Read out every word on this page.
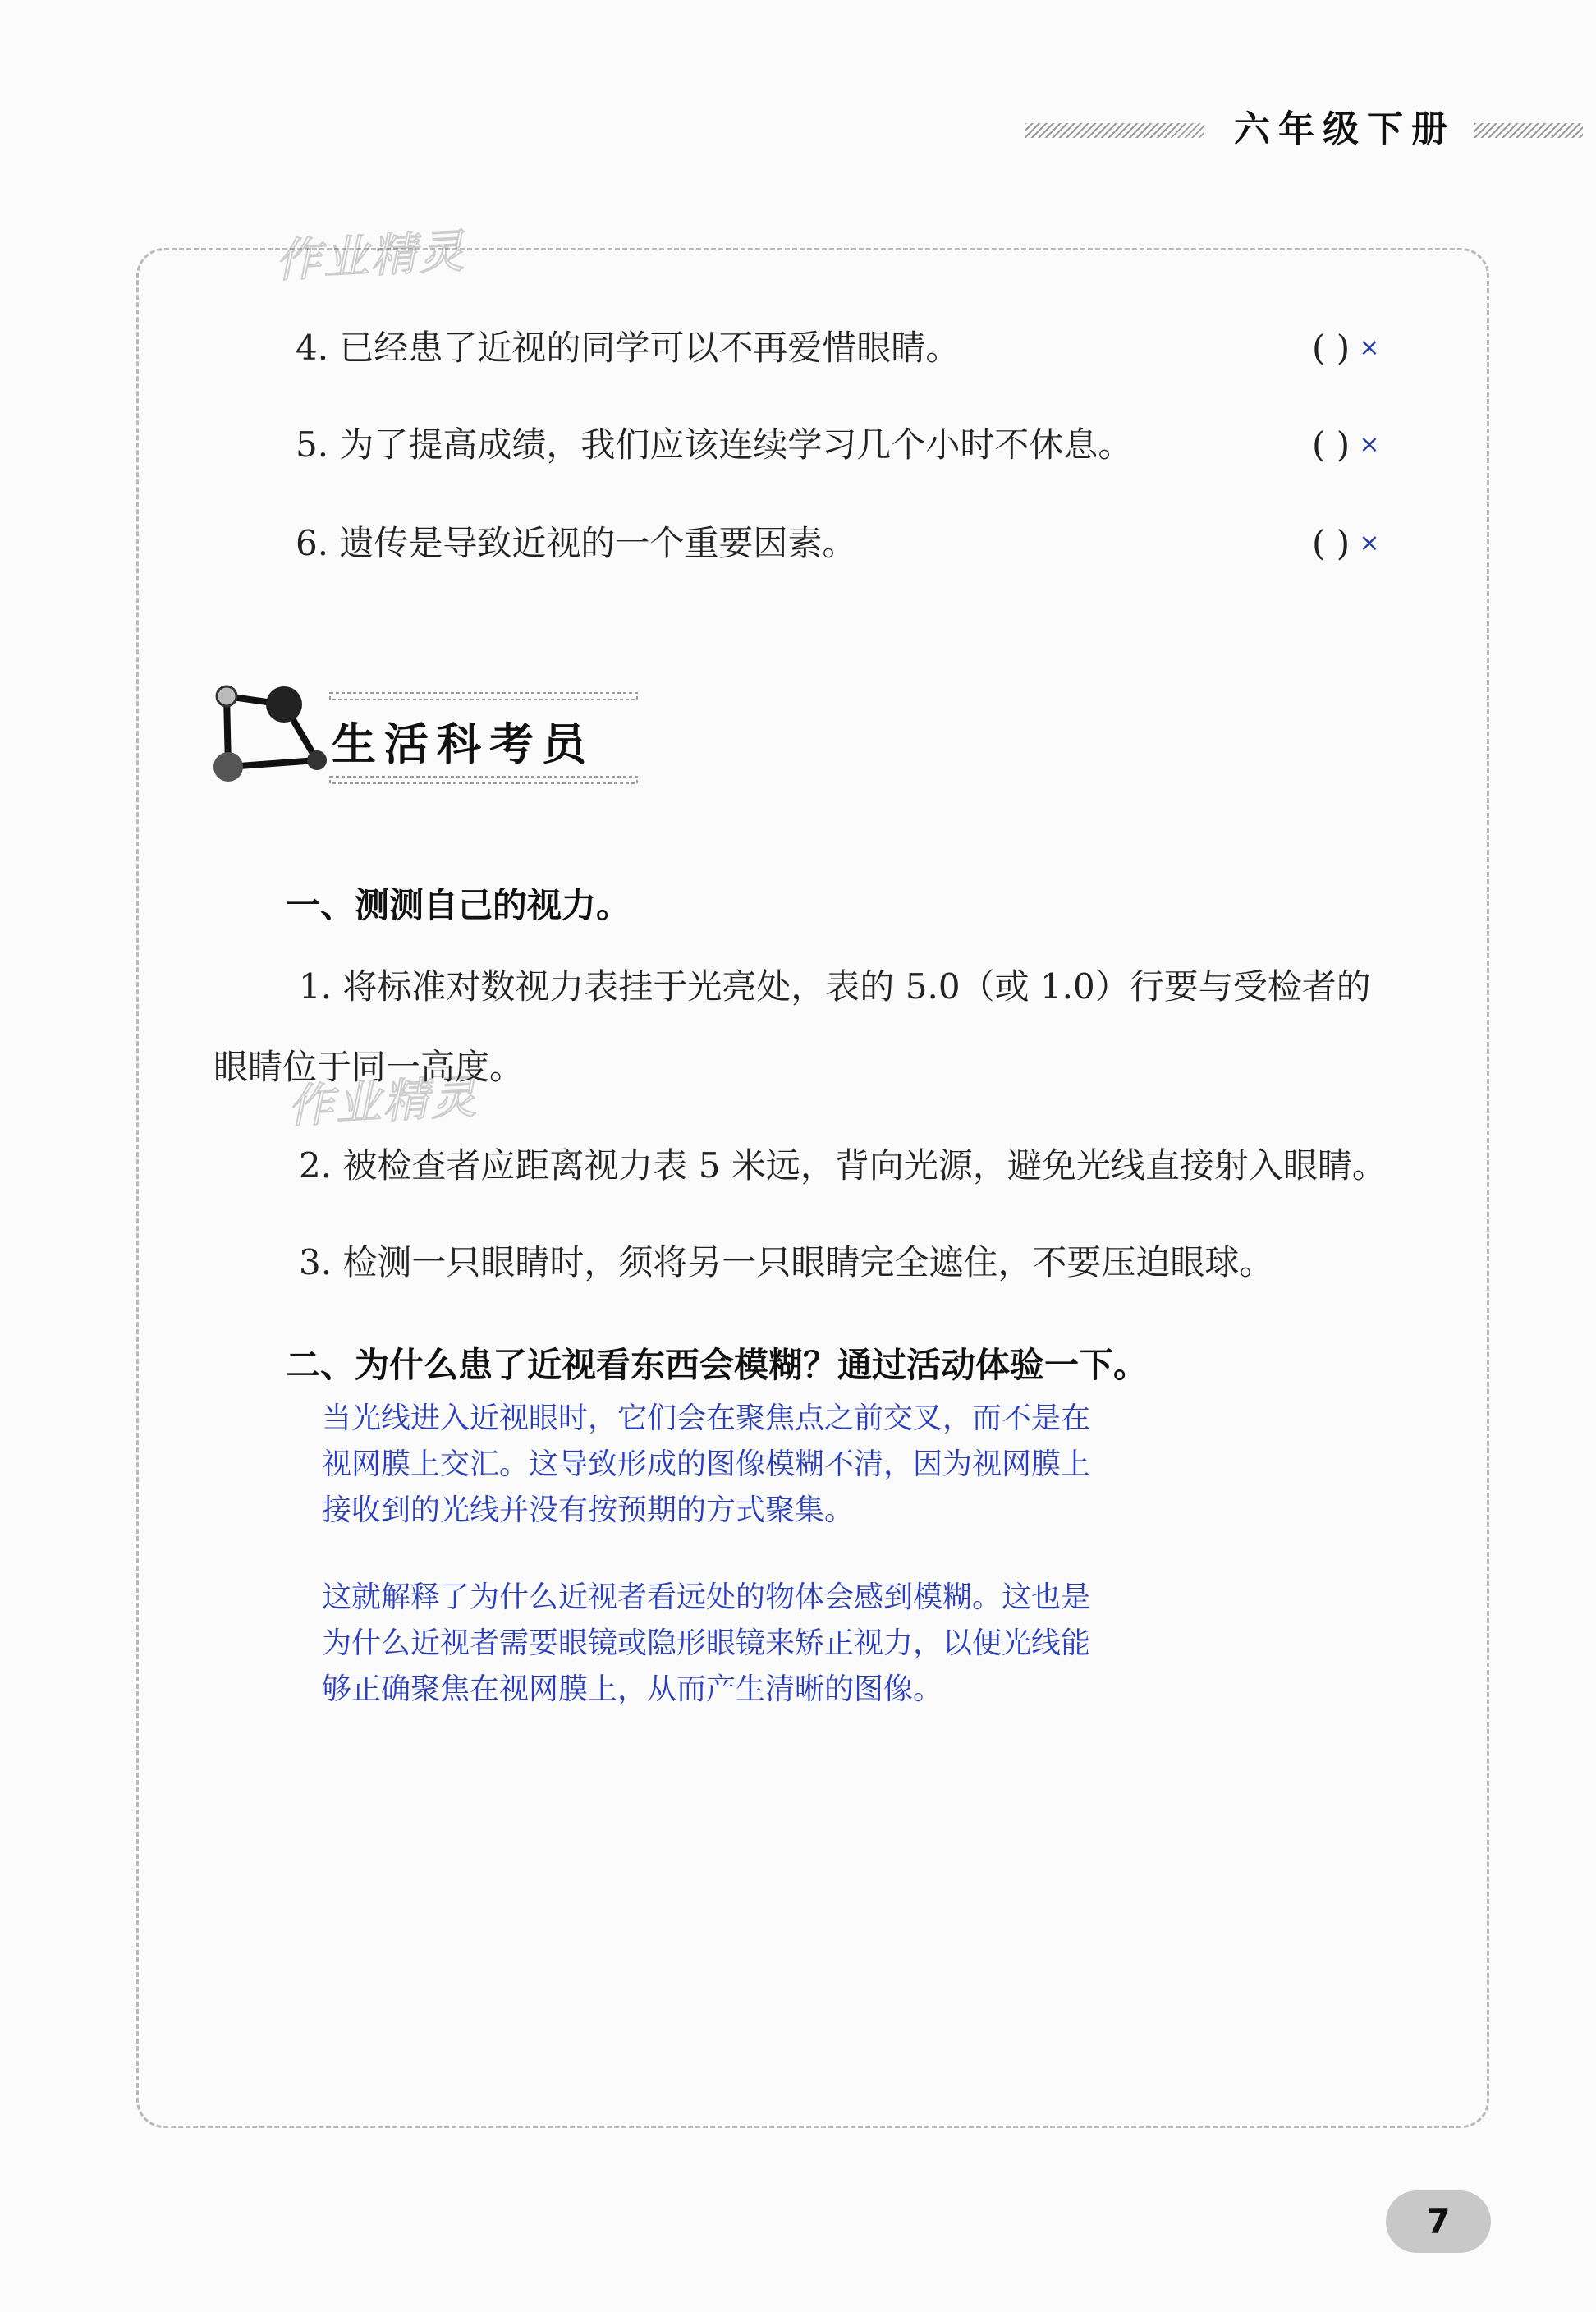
六年级下册
作业精灵
作业精灵
4. 已经患了近视的同学可以不再爱惜眼睛。	( ) ×
5. 为了提高成绩，我们应该连续学习几个小时不休息。	( ) ×
6. 遗传是导致近视的一个重要因素。	( ) ×
生活科考员
一、测测自己的视力。
1. 将标准对数视力表挂于光亮处，表的 5.0（或 1.0）行要与受检者的
眼睛位于同一高度。
2. 被检查者应距离视力表 5 米远，背向光源，避免光线直接射入眼睛。
3. 检测一只眼睛时，须将另一只眼睛完全遮住，不要压迫眼球。
二、为什么患了近视看东西会模糊？通过活动体验一下。
当光线进入近视眼时，它们会在聚焦点之前交叉，而不是在
视网膜上交汇。这导致形成的图像模糊不清，因为视网膜上
接收到的光线并没有按预期的方式聚集。
这就解释了为什么近视者看远处的物体会感到模糊。这也是
为什么近视者需要眼镜或隐形眼镜来矫正视力，以便光线能
够正确聚焦在视网膜上，从而产生清晰的图像。
7
